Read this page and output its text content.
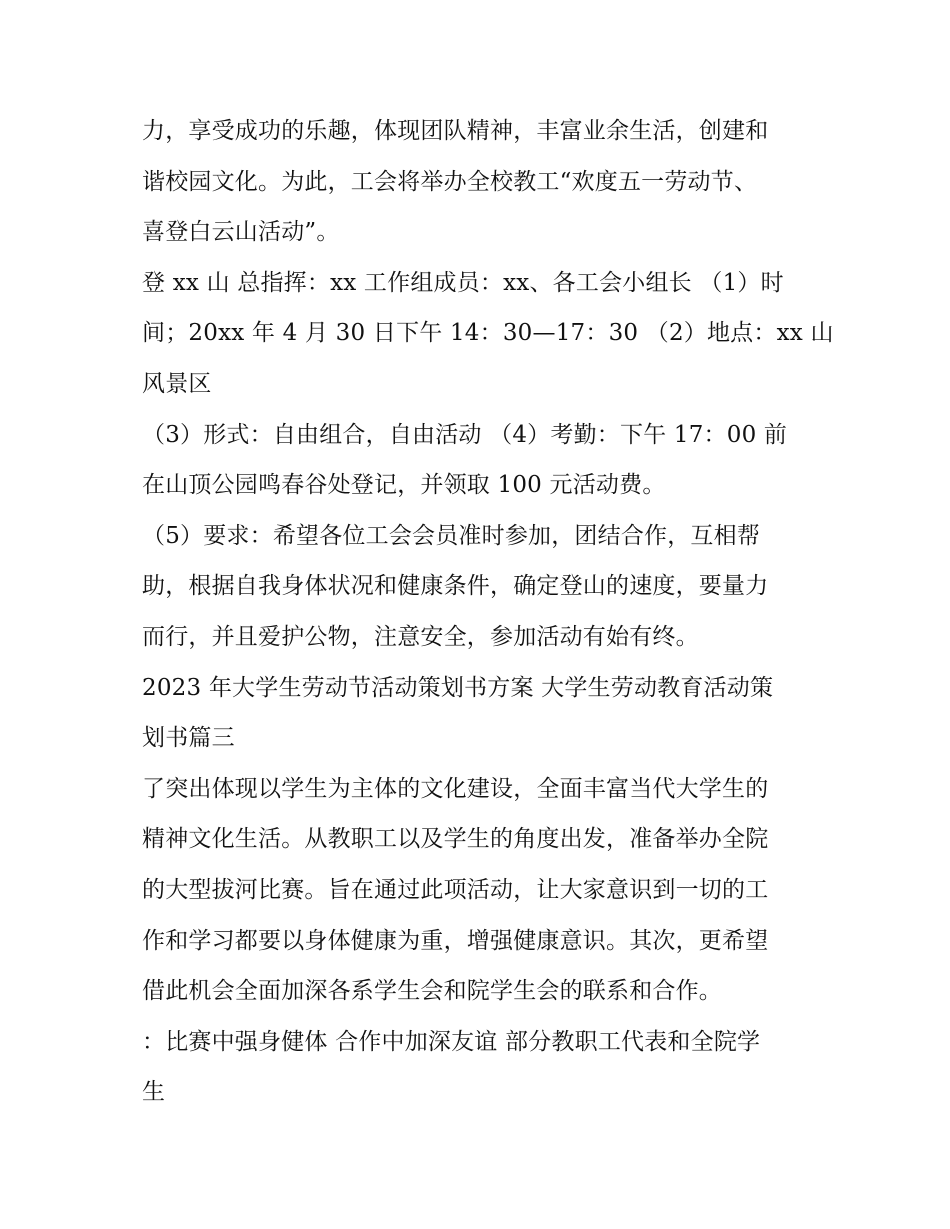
力，享受成功的乐趣，体现团队精神，丰富业余生活，创建和
谐校园文化。为此，工会将举办全校教工“欢度五一劳动节、
喜登白云山活动”。
登 xx 山 总指挥：xx 工作组成员：xx、各工会小组长 （1）时
间；20xx 年 4 月 30 日下午 14：30—17：30 （2）地点：xx 山
风景区
（3）形式：自由组合，自由活动 （4）考勤：下午 17：00 前
在山顶公园鸣春谷处登记，并领取 100 元活动费。
（5）要求：希望各位工会会员准时参加，团结合作，互相帮
助，根据自我身体状况和健康条件，确定登山的速度，要量力
而行，并且爱护公物，注意安全，参加活动有始有终。
2023 年大学生劳动节活动策划书方案 大学生劳动教育活动策
划书篇三
了突出体现以学生为主体的文化建设，全面丰富当代大学生的
精神文化生活。从教职工以及学生的角度出发，准备举办全院
的大型拔河比赛。旨在通过此项活动，让大家意识到一切的工
作和学习都要以身体健康为重，增强健康意识。其次，更希望
借此机会全面加深各系学生会和院学生会的联系和合作。
：比赛中强身健体 合作中加深友谊 部分教职工代表和全院学
生
